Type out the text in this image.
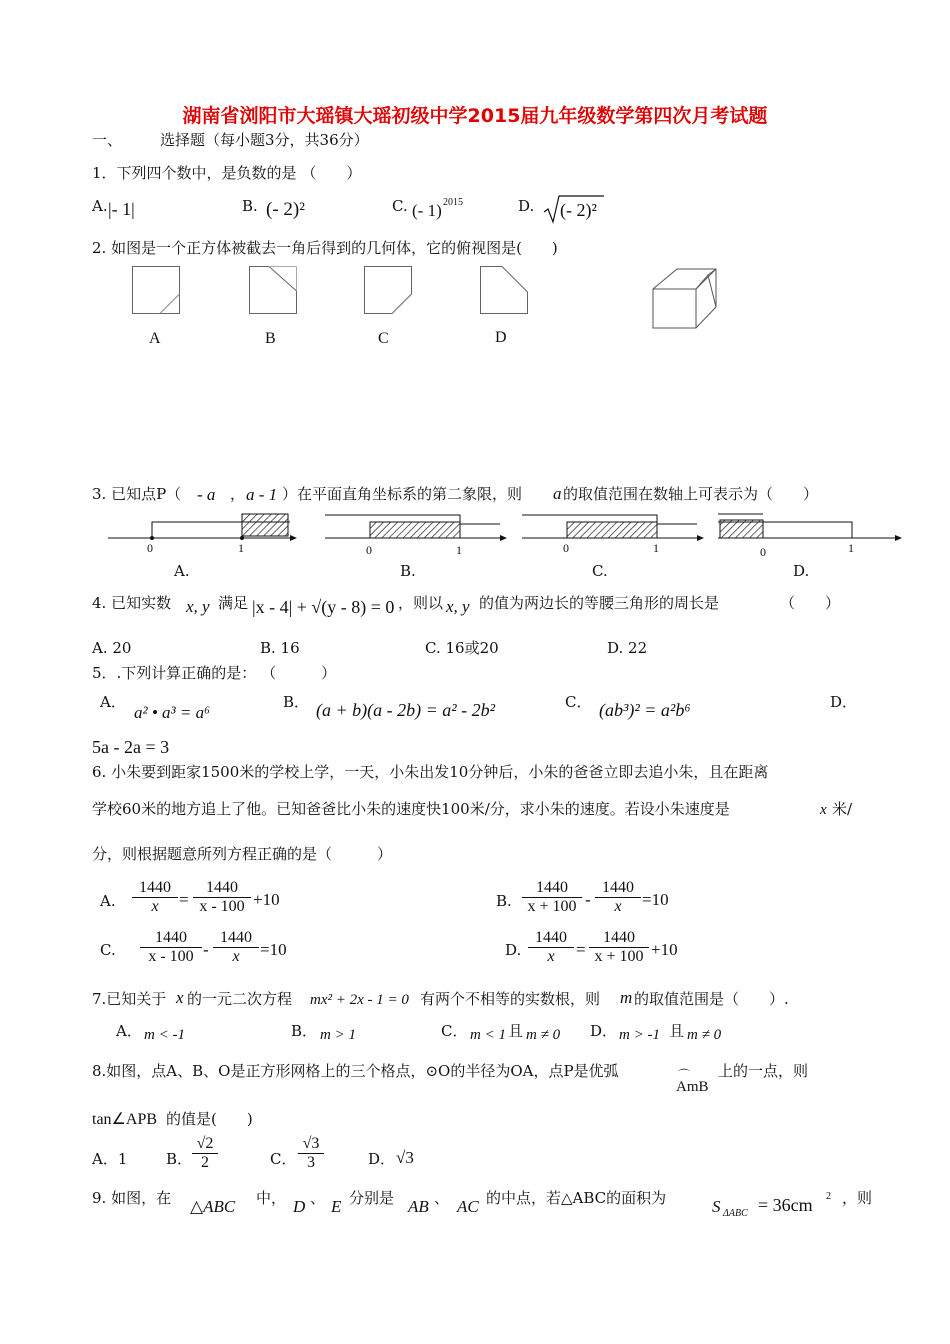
湖南省浏阳市大瑶镇大瑶初级中学2015届九年级数学第四次月考试题
一、	选择题（每小题3分，共36分）
1．下列四个数中，是负数的是 （　　）
A. |- 1|	B. (- 2)²	C. (- 1) 2015	D. (- 2)²
2. 如图是一个正方体被截去一角后得到的几何体，它的俯视图是(　　)
A	B	C	D
3. 已知点P（ - a ， a - 1 ）在平面直角坐标系的第二象限，则 a 的取值范围在数轴上可表示为（　　）
0	1	0	1	0	1	0	1
A.	B.	C.	D.
4. 已知实数 x, y 满足 |x - 4| + √(y - 8) = 0 ，则以 x, y 的值为两边长的等腰三角形的周长是	（　　）
A. 20	B. 16	C. 16或20	D. 22
5．.下列计算正确的是： （　　　）
A．
a² • a³ = a⁶
B． (a + b)(a - 2b) = a² - 2b²	C． (ab³)² = a²b⁶	D．
5a - 2a = 3
6. 小朱要到距家1500米的学校上学，一天，小朱出发10分钟后，小朱的爸爸立即去追小朱，且在距离
学校60米的地方追上了他。已知爸爸比小朱的速度快100米/分，求小朱的速度。若设小朱速度是	x 米/
分，则根据题意所列方程正确的是（　　　）
A. $\frac{1440}{x} = \frac{1440}{x - 100} +10$	B. $\frac{1440}{x + 100} - \frac{1440}{x} =10$
C. $\frac{1440}{x - 100} - \frac{1440}{x} =10$	D. $\frac{1440}{x} = \frac{1440}{x + 100} +10$
7.已知关于 x 的一元二次方程 mx² + 2x - 1 = 0 有两个不相等的实数根，则 m 的取值范围是（　　）.
A． m < -1	B． m > 1	C． m < 1 且 m ≠ 0 D． m > -1 且 m ≠ 0
8.如图，点A、B、O是正方形网格上的三个格点，⊙O的半径为OA，点P是优弧	⌒
AmB
上的一点，则
tan∠APB 的值是(　　)
A．1	B． $\frac{√2}{2}$	C． $\frac{√3}{3}$	D． √3
9. 如图，在 △ABC 中， D 、 E 分别是 AB 、 AC 的中点，若△ABC的面积为	S ΔABC = 36cm 2 ，则
